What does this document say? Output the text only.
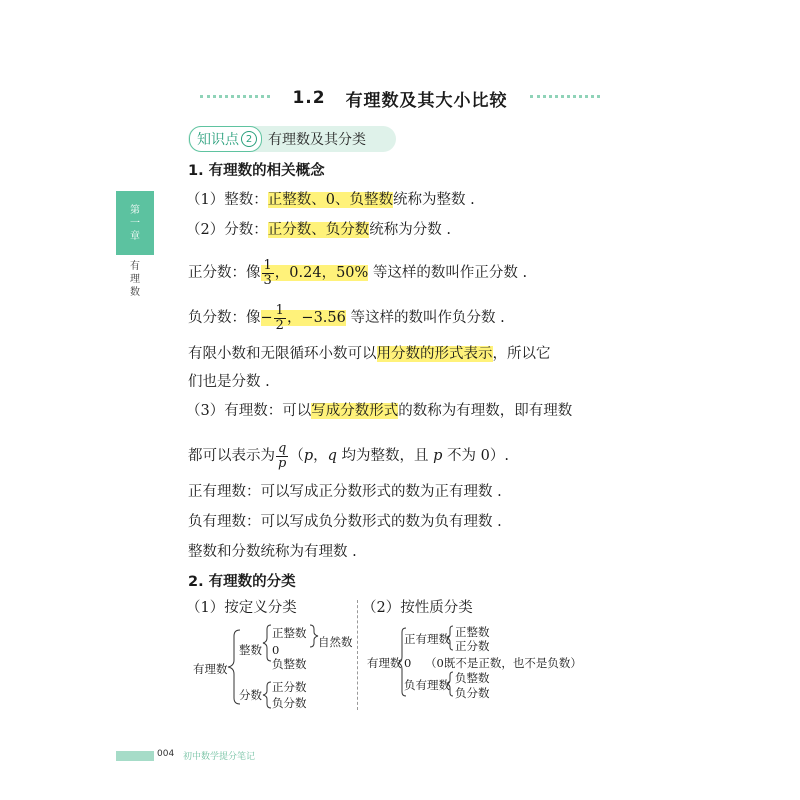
1.2 有理数及其大小比较
知识点 2	有理数及其分类
第
一
章
有
理
数
1. 有理数的相关概念
（1）整数：正整数、0、负整数统称为整数 .
（2）分数：正分数、负分数统称为分数 .
正分数：像 $\frac{1}{3}$ ，0.24，50% 等这样的数叫作正分数 .
负分数：像− $\frac{1}{2}$ ，−3.56 等这样的数叫作负分数 .
有限小数和无限循环小数可以用分数的形式表示，所以它
们也是分数 .
（3）有理数：可以写成分数形式的数称为有理数，即有理数
都可以表示为 $\frac{q}{p} (p$，q 均为整数，且 p 不为 0）.
正有理数：可以写成正分数形式的数为正有理数 .
负有理数：可以写成负分数形式的数为负有理数 .
整数和分数统称为有理数 .
2. 有理数的分类
（1）按定义分类	（2）按性质分类
有理数
整数
正整数
0
负整数
自然数
分数
正分数
负分数
有理数
正有理数 正整数
正分数
0 （0既不是正数，也不是负数）
负有理数 负整数
负分数
004 初中数学提分笔记
